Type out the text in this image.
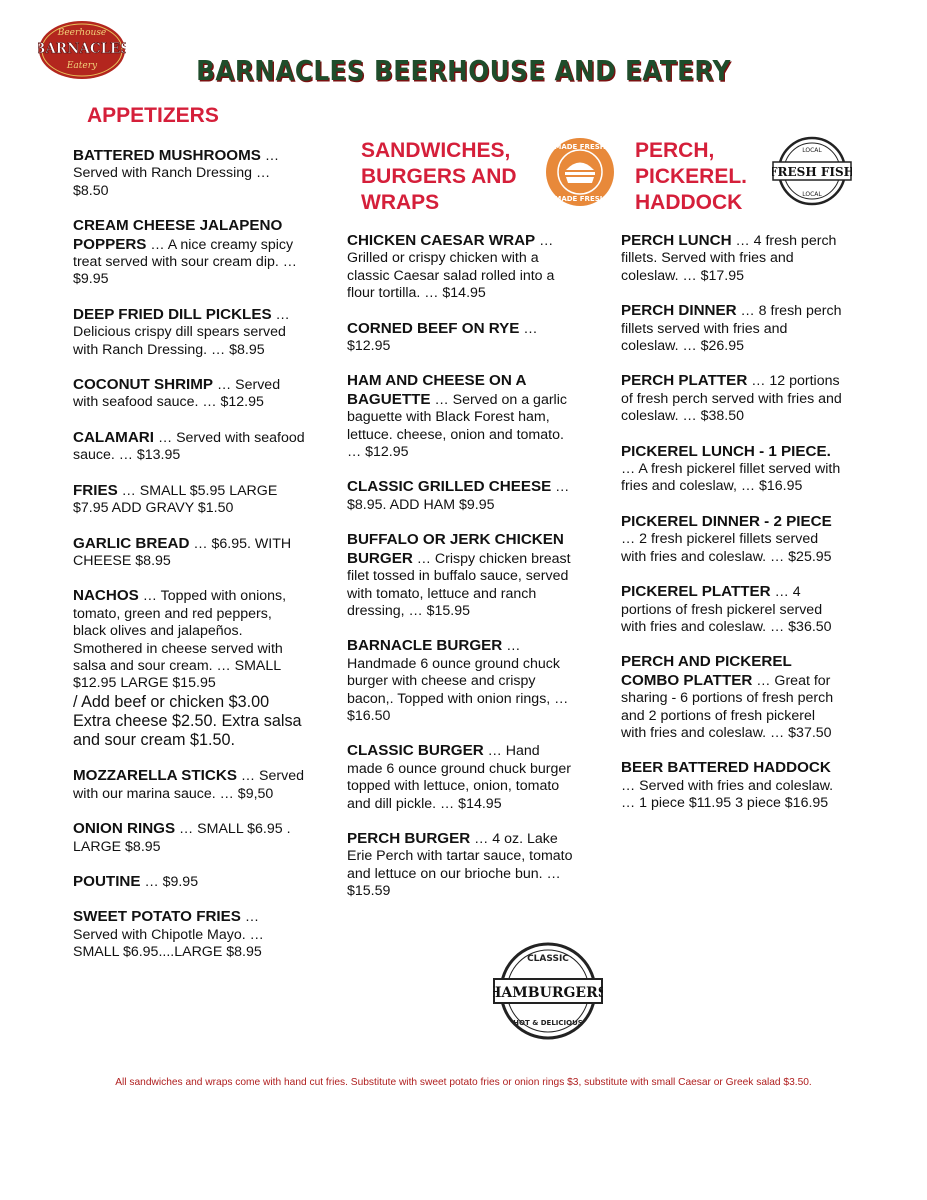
Beerhouse
BARNACLES
Eatery	BARNACLES BEERHOUSE AND EATERY
APPETIZERS
SANDWICHES, BURGERS AND WRAPS
PERCH, PICKEREL. HADDOCK
MADE FRESH
MADE FRESH
LOCAL
FRESH FISH
LOCAL
BATTERED MUSHROOMS … Served with Ranch Dressing … $8.50
CREAM CHEESE JALAPENO POPPERS … A nice creamy spicy treat served with sour cream dip. … $9.95
DEEP FRIED DILL PICKLES … Delicious crispy dill spears served with Ranch Dressing. … $8.95
COCONUT SHRIMP … Served with seafood sauce. … $12.95
CALAMARI … Served with seafood sauce. … $13.95
FRIES … SMALL $5.95 LARGE $7.95 ADD GRAVY $1.50
GARLIC BREAD … $6.95. WITH CHEESE $8.95
NACHOS … Topped with onions, tomato, green and red peppers, black olives and jalapeños. Smothered in cheese served with salsa and sour cream. … SMALL $12.95 LARGE $15.95
/ Add beef or chicken $3.00 Extra cheese $2.50. Extra salsa and sour cream $1.50.
MOZZARELLA STICKS … Served with our marina sauce. … $9,50
ONION RINGS … SMALL $6.95 . LARGE $8.95
POUTINE … $9.95
SWEET POTATO FRIES … Served with Chipotle Mayo. … SMALL $6.95....LARGE $8.95
CHICKEN CAESAR WRAP … Grilled or crispy chicken with a classic Caesar salad rolled into a flour tortilla. … $14.95
CORNED BEEF ON RYE … $12.95
HAM AND CHEESE ON A BAGUETTE … Served on a garlic baguette with Black Forest ham, lettuce. cheese, onion and tomato. … $12.95
CLASSIC GRILLED CHEESE … $8.95. ADD HAM $9.95
BUFFALO OR JERK CHICKEN BURGER … Crispy chicken breast filet tossed in buffalo sauce, served with tomato, lettuce and ranch dressing, … $15.95
BARNACLE BURGER … Handmade 6 ounce ground chuck burger with cheese and crispy bacon,. Topped with onion rings, … $16.50
CLASSIC BURGER … Hand made 6 ounce ground chuck burger topped with lettuce, onion, tomato and dill pickle. … $14.95
PERCH BURGER … 4 oz. Lake Erie Perch with tartar sauce, tomato and lettuce on our brioche bun. … $15.59
PERCH LUNCH … 4 fresh perch fillets. Served with fries and coleslaw. … $17.95
PERCH DINNER … 8 fresh perch fillets served with fries and coleslaw. … $26.95
PERCH PLATTER … 12 portions of fresh perch served with fries and coleslaw. … $38.50
PICKEREL LUNCH - 1 PIECE. … A fresh pickerel fillet served with fries and coleslaw, … $16.95
PICKEREL DINNER - 2 PIECE … 2 fresh pickerel fillets served with fries and coleslaw. … $25.95
PICKEREL PLATTER … 4 portions of fresh pickerel served with fries and coleslaw. … $36.50
PERCH AND PICKEREL COMBO PLATTER … Great for sharing - 6 portions of fresh perch and 2 portions of fresh pickerel with fries and coleslaw. … $37.50
BEER BATTERED HADDOCK … Served with fries and coleslaw. … 1 piece $11.95 3 piece $16.95
CLASSIC
HAMBURGERS
HOT & DELICIOUS
All sandwiches and wraps come with hand cut fries. Substitute with sweet potato fries or onion rings $3, substitute with small Caesar or Greek salad $3.50.
